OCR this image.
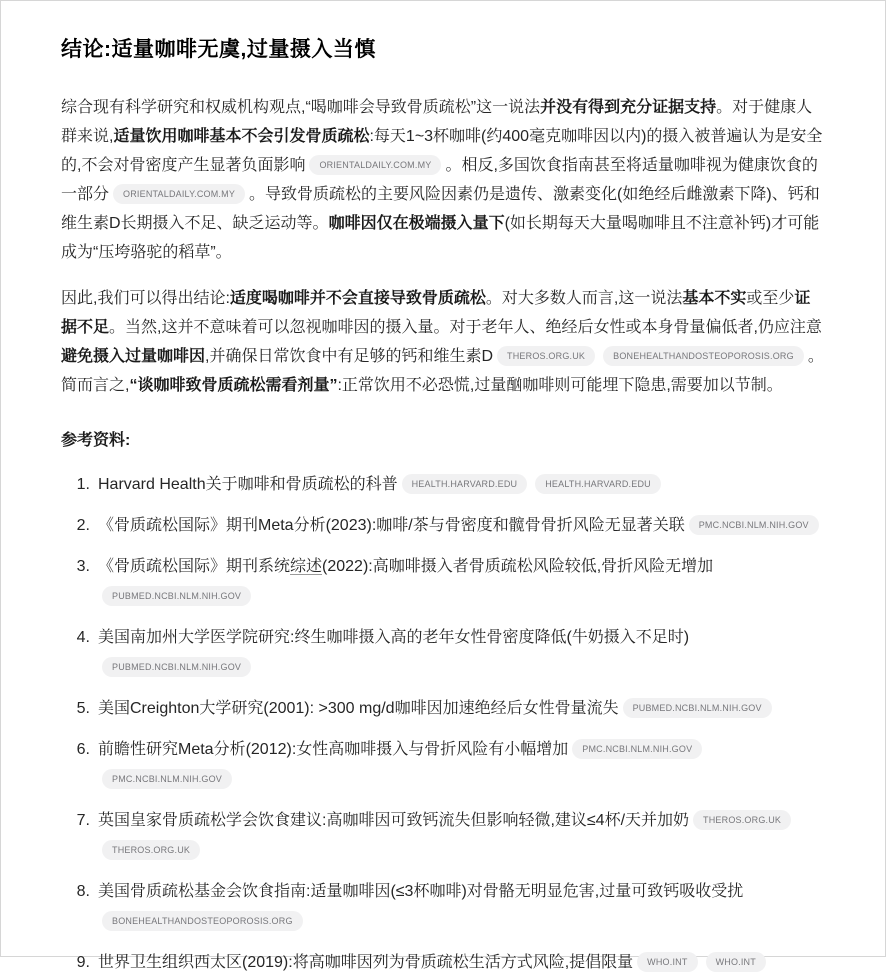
结论:适量咖啡无虞,过量摄入当慎

综合现有科学研究和权威机构观点,“喝咖啡会导致骨质疏松”这一说法并没有得到充分证据支持。对于健康人群来说,适量饮用咖啡基本不会引发骨质疏松:每天1~3杯咖啡(约400毫克咖啡因以内)的摄入被普遍认为是安全的,不会对骨密度产生显著负面影响 ORIENTALDAILY.COM.MY 。相反,多国饮食指南甚至将适量咖啡视为健康饮食的一部分 ORIENTALDAILY.COM.MY 。导致骨质疏松的主要风险因素仍是遗传、激素变化(如绝经后雌激素下降)、钙和维生素D长期摄入不足、缺乏运动等。咖啡因仅在极端摄入量下(如长期每天大量喝咖啡且不注意补钙)才可能成为“压垮骆驼的稻草”。

因此,我们可以得出结论:适度喝咖啡并不会直接导致骨质疏松。对大多数人而言,这一说法基本不实或至少证据不足。当然,这并不意味着可以忽视咖啡因的摄入量。对于老年人、绝经后女性或本身骨量偏低者,仍应注意避免摄入过量咖啡因,并确保日常饮食中有足够的钙和维生素D THEROS.ORG.UK	BONEHEALTHANDOSTEOPOROSIS.ORG 。简而言之,“谈咖啡致骨质疏松需看剂量”:正常饮用不必恐慌,过量酗咖啡则可能埋下隐患,需要加以节制。

参考资料:
1. Harvard Health关于咖啡和骨质疏松的科普 HEALTH.HARVARD.EDU	HEALTH.HARVARD.EDU
2. 《骨质疏松国际》期刊Meta分析(2023):咖啡/茶与骨密度和髋骨骨折风险无显著关联 PMC.NCBI.NLM.NIH.GOV
3. 《骨质疏松国际》期刊系统综述(2022):高咖啡摄入者骨质疏松风险较低,骨折风险无增加PUBMED.NCBI.NLM.NIH.GOV
4. 美国南加州大学医学院研究:终生咖啡摄入高的老年女性骨密度降低(牛奶摄入不足时)PUBMED.NCBI.NLM.NIH.GOV
5. 美国Creighton大学研究(2001): >300 mg/d咖啡因加速绝经后女性骨量流失 PUBMED.NCBI.NLM.NIH.GOV
6. 前瞻性研究Meta分析(2012):女性高咖啡摄入与骨折风险有小幅增加 PMC.NCBI.NLM.NIH.GOVPMC.NCBI.NLM.NIH.GOV
7. 英国皇家骨质疏松学会饮食建议:高咖啡因可致钙流失但影响轻微,建议≤4杯/天并加奶 THEROS.ORG.UKTHEROS.ORG.UK
8. 美国骨质疏松基金会饮食指南:适量咖啡因(≤3杯咖啡)对骨骼无明显危害,过量可致钙吸收受扰BONEHEALTHANDOSTEOPOROSIS.ORG
9. 世界卫生组织西太区(2019):将高咖啡因列为骨质疏松生活方式风险,提倡限量 WHO.INT	WHO.INT
